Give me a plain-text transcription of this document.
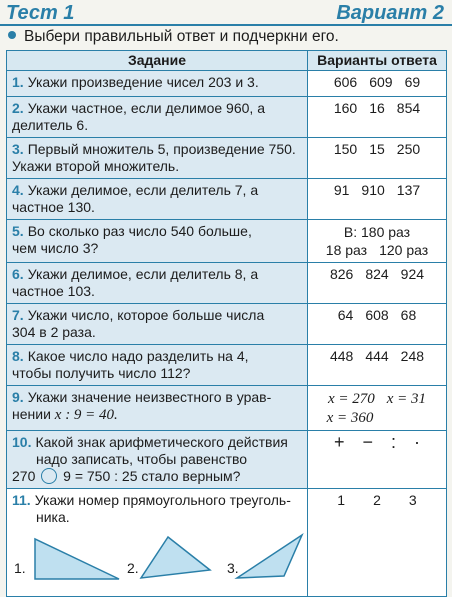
Тест 1	Вариант 2
Выбери правильный ответ и подчеркни его.
Задание	Варианты ответа
1. Укажи произведение чисел 203 и 3.	606 609 69
2. Укажи частное, если делимое 960, а
делитель 6.	160 16 854
3. Первый множитель 5, произведение 750.
Укажи второй множитель.	150 15 250
4. Укажи делимое, если делитель 7, а
частное 130.	91 910 137
5. Во сколько раз число 540 больше,
чем число 3?	В: 180 раз
18 раз 120 раз
6. Укажи делимое, если делитель 8, а
частное 103.	826 824 924
7. Укажи число, которое больше числа
304 в 2 раза.	64 608 68
8. Какое число надо разделить на 4,
чтобы получить число 112?	448 444 248
9. Укажи значение неизвестного в урав-
нении x : 9 = 40.	x = 270 x = 31
x = 360
10. Какой знак арифметического действия
надо записать, чтобы равенство
270 9 = 750 : 25 стало верным?	+ − : ·
11. Укажи номер прямоугольного треуголь-
ника.
1. 2. 3.	1 2 3
